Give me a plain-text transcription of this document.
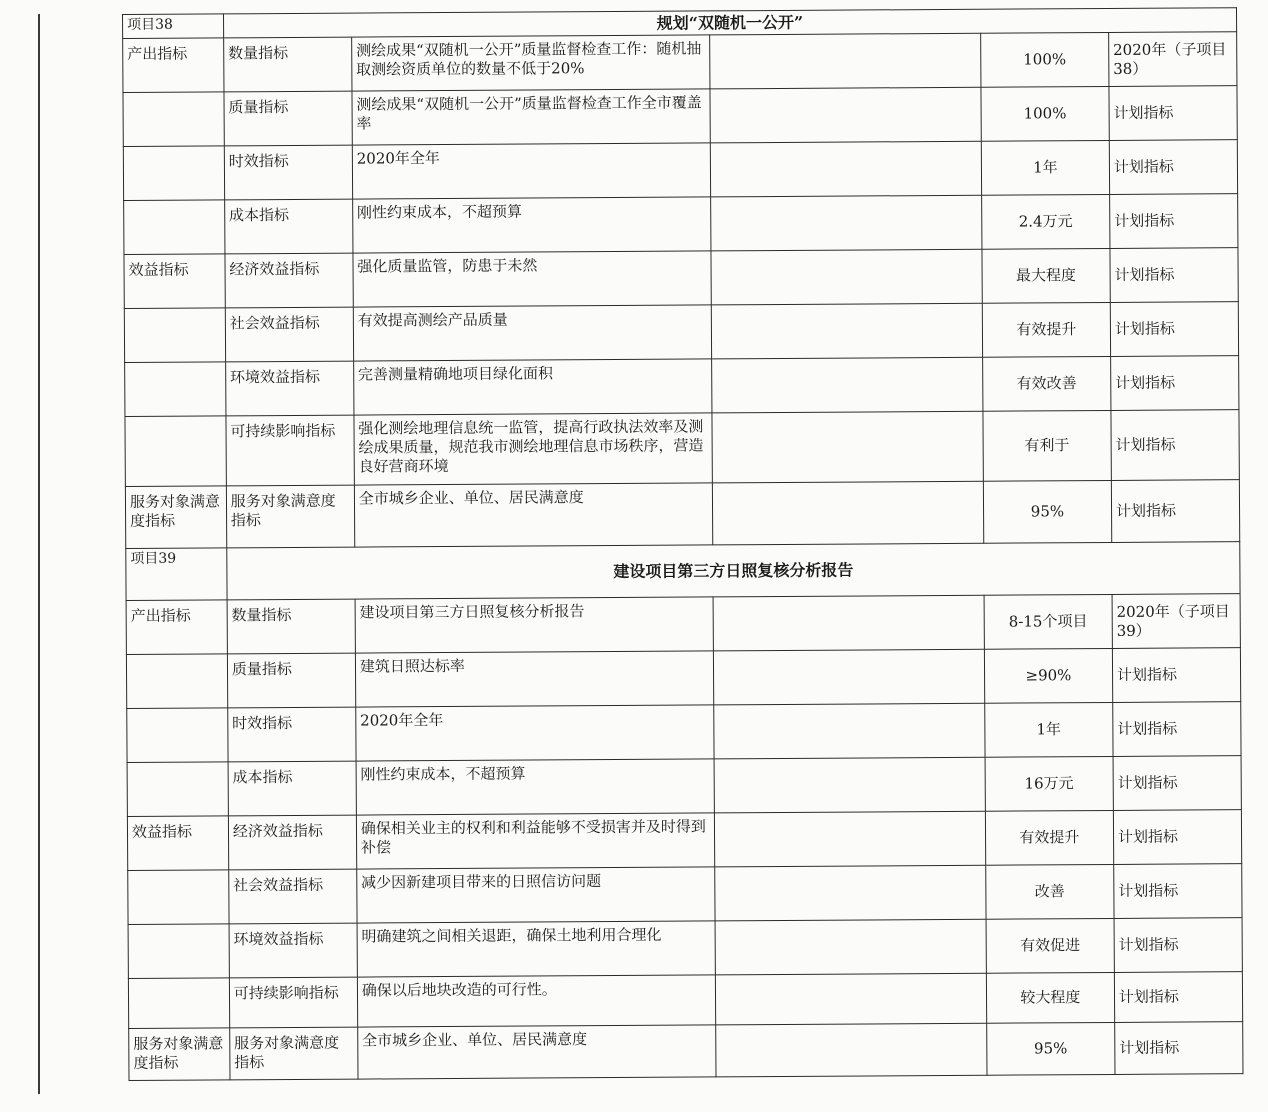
项目38	规划“双随机一公开”				
产出指标	数量指标	测绘成果“双随机一公开”质量监督检查工作：随机抽取测绘资质单位的数量不低于20%		100%	2020年（子项目38）
	质量指标	测绘成果“双随机一公开”质量监督检查工作全市覆盖率		100%	计划指标
	时效指标	2020年全年		1年	计划指标
	成本指标	刚性约束成本，不超预算		2.4万元	计划指标
效益指标	经济效益指标	强化质量监管，防患于未然		最大程度	计划指标
	社会效益指标	有效提高测绘产品质量		有效提升	计划指标
	环境效益指标	完善测量精确地项目绿化面积		有效改善	计划指标
	可持续影响指标	强化测绘地理信息统一监管，提高行政执法效率及测绘成果质量，规范我市测绘地理信息市场秩序，营造良好营商环境		有利于	计划指标
服务对象满意度指标	服务对象满意度指标	全市城乡企业、单位、居民满意度		95%	计划指标
项目39	建设项目第三方日照复核分析报告				
产出指标	数量指标	建设项目第三方日照复核分析报告		8-15个项目	2020年（子项目39）
	质量指标	建筑日照达标率		≥90%	计划指标
	时效指标	2020年全年		1年	计划指标
	成本指标	刚性约束成本，不超预算		16万元	计划指标
效益指标	经济效益指标	确保相关业主的权利和利益能够不受损害并及时得到补偿		有效提升	计划指标
	社会效益指标	减少因新建项目带来的日照信访问题		改善	计划指标
	环境效益指标	明确建筑之间相关退距，确保土地利用合理化		有效促进	计划指标
	可持续影响指标	确保以后地块改造的可行性。		较大程度	计划指标
服务对象满意度指标	服务对象满意度指标	全市城乡企业、单位、居民满意度		95%	计划指标
